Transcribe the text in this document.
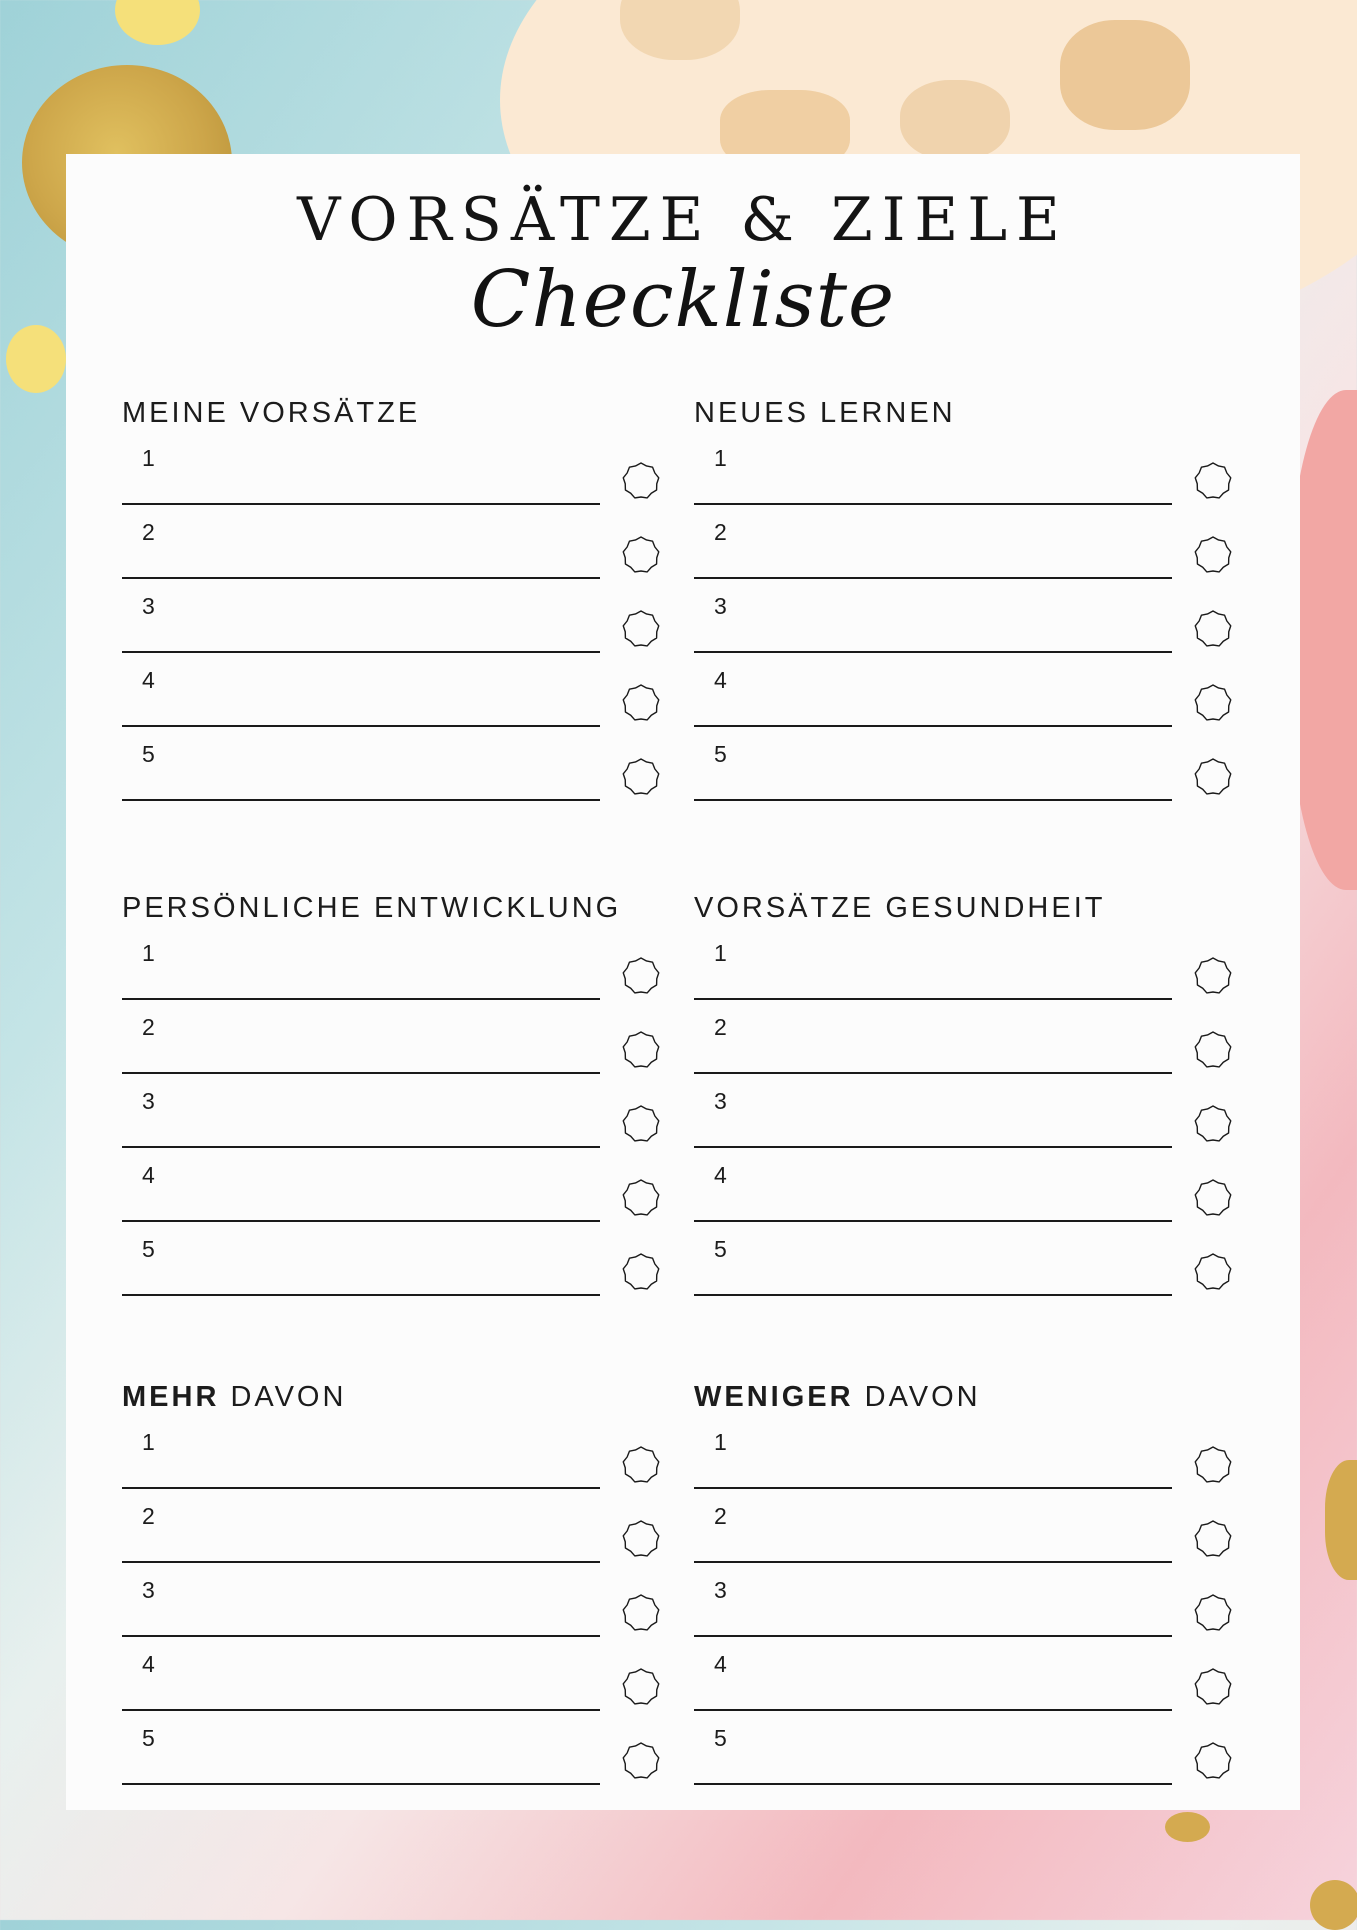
VORSÄTZE & ZIELE
Checkliste
MEINE VORSÄTZE
1
2
3
4
5
NEUES LERNEN
1
2
3
4
5
PERSÖNLICHE ENTWICKLUNG
1
2
3
4
5
VORSÄTZE GESUNDHEIT
1
2
3
4
5
MEHR DAVON
1
2
3
4
5
WENIGER DAVON
1
2
3
4
5
